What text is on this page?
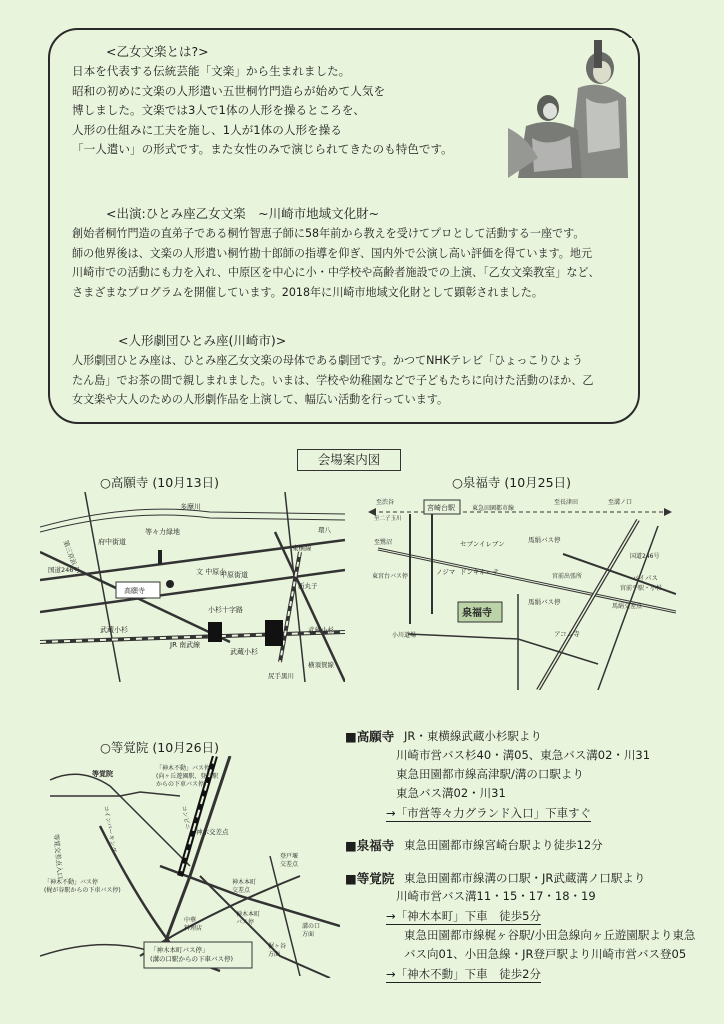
<乙女文楽とは?>
日本を代表する伝統芸能「文楽」から生まれました。
昭和の初めに文楽の人形遣い五世桐竹門造らが始めて人気を
博しました。文楽では3人で1体の人形を操るところを、
人形の仕組みに工夫を施し、1人が1体の人形を操る
「一人遣い」の形式です。また女性のみで演じられてきたのも特色です。
<出演:ひとみ座乙女文楽　~川崎市地域文化財~
創始者桐竹門造の直弟子である桐竹智恵子師に58年前から教えを受けてプロとして活動する一座です。
師の他界後は、文楽の人形遣い桐竹勘十郎師の指導を仰ぎ、国内外で公演し高い評価を得ています。地元
川崎市での活動にも力を入れ、中原区を中心に小・中学校や高齢者施設での上演、「乙女文楽教室」など、
さまざまなプログラムを開催しています。2018年に川崎市地域文化財として顕彰されました。
<人形劇団ひとみ座(川崎市)>
人形劇団ひとみ座は、ひとみ座乙女文楽の母体である劇団です。かつてNHKテレビ「ひょっこりひょう
たん島」でお茶の間で親しまれました。いまは、学校や幼稚園などで子どもたちに向けた活動のほか、乙
女文楽や大人のための人形劇作品を上演して、幅広い活動を行っています。
会場案内図
○高願寺 (10月13日)
多摩川
等々力緑地
府中街道
第三京浜
国道246号
中原街道
文 中原小
高願寺
小杉十字路
武蔵小杉
JR 南武線
武蔵小杉
新丸子
東横線
環八
武蔵小杉
横須賀線
尻手黒川
○泉福寺 (10月25日)
至渋谷
至二子玉川
宮崎台駅	東急田園都市線
至長津田	至溝ノ口
至鷺沼	セブンイレブン
ドンキホーテ
ノジマ
馬絹バス停
馬絹バス停
東宮台バス停	宮前出張所
国道246号
バイパス
アコム寺
泉福寺
小川道場
馬絹交差点
宮前平駅・小杉
○等覚院 (10月26日)
等覚院
「神木不動」バス停 (向ヶ丘遊園駅、登戸駅 からの下車バス停)
コインパーキング	コンビニ
神木交差点
等覚交差点入口
「神木不動」バス停 (梶が谷駅からの下車バス停)
神木本町 交差点
中華 料理店
神木本町 バス停
「神木本町バス停」 (溝の口駅からの下車バス停)
梶ヶ谷 方面
溝の口 方面
登戸堰 交差点
■高願寺 JR・東横線武蔵小杉駅より
川崎市営バス杉40・溝05、東急バス溝02・川31
東急田園都市線高津駅/溝の口駅より
東急バス溝02・川31
→「市営等々力グランド入口」下車すぐ
■泉福寺 東急田園都市線宮崎台駅より徒歩12分
■等覚院 東急田園都市線溝の口駅・JR武蔵溝ノ口駅より
川崎市営バス溝11・15・17・18・19
→「神木本町」下車　徒歩5分
東急田園都市線梶ヶ谷駅/小田急線向ヶ丘遊園駅より東急
バス向01、小田急線・JR登戸駅より川崎市営バス登05
→「神木不動」下車　徒歩2分
